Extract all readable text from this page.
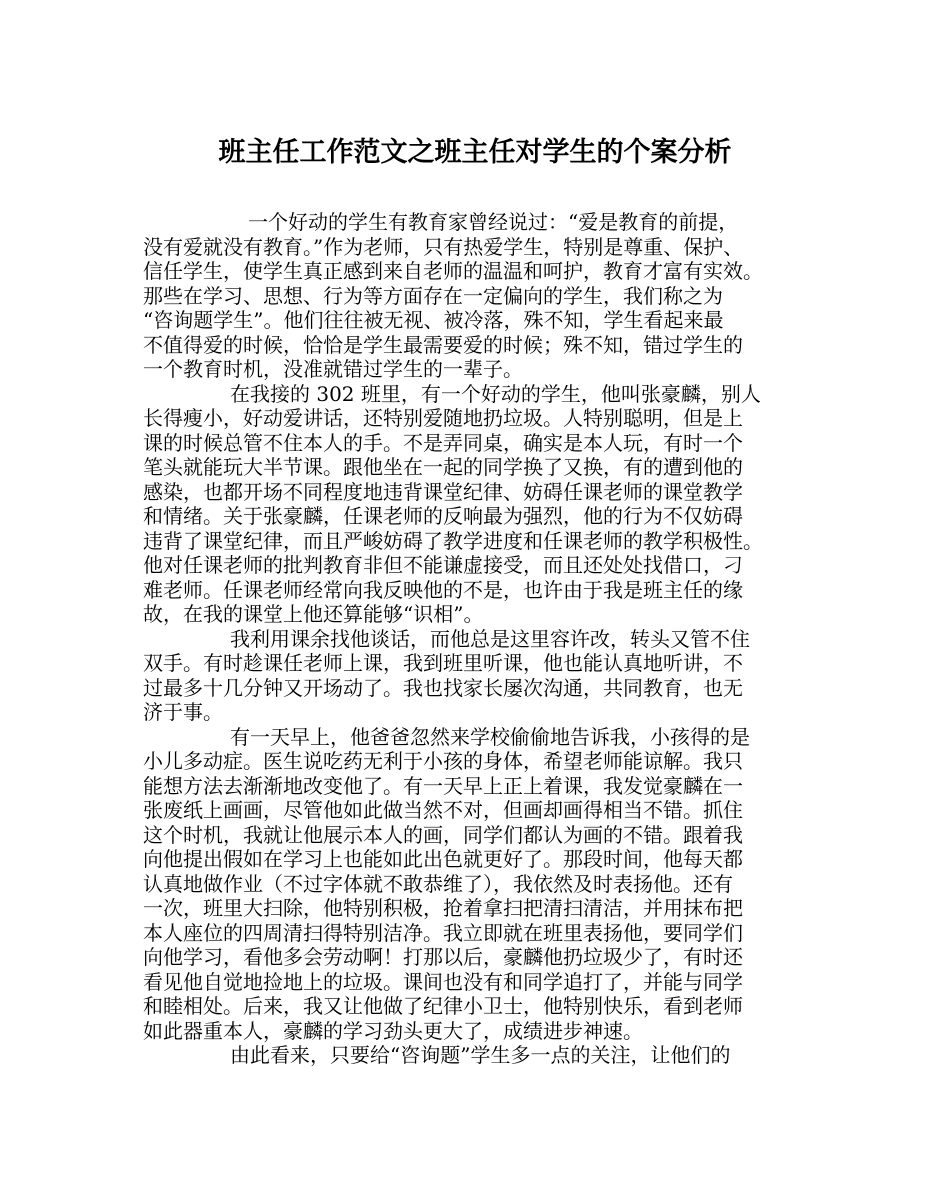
班主任工作范文之班主任对学生的个案分析
一个好动的学生有教育家曾经说过：“爱是教育的前提，
没有爱就没有教育。”作为老师，只有热爱学生，特别是尊重、保护、
信任学生，使学生真正感到来自老师的温温和呵护，教育才富有实效。
那些在学习、思想、行为等方面存在一定偏向的学生，我们称之为
“咨询题学生”。他们往往被无视、被冷落，殊不知，学生看起来最
不值得爱的时候，恰恰是学生最需要爱的时候；殊不知，错过学生的
一个教育时机，没准就错过学生的一辈子。
在我接的 302 班里，有一个好动的学生，他叫张豪麟，别人
长得瘦小，好动爱讲话，还特别爱随地扔垃圾。人特别聪明，但是上
课的时候总管不住本人的手。不是弄同桌，确实是本人玩，有时一个
笔头就能玩大半节课。跟他坐在一起的同学换了又换，有的遭到他的
感染，也都开场不同程度地违背课堂纪律、妨碍任课老师的课堂教学
和情绪。关于张豪麟，任课老师的反响最为强烈，他的行为不仅妨碍
违背了课堂纪律，而且严峻妨碍了教学进度和任课老师的教学积极性。
他对任课老师的批判教育非但不能谦虚接受，而且还处处找借口，刁
难老师。任课老师经常向我反映他的不是，也许由于我是班主任的缘
故，在我的课堂上他还算能够“识相”。
我利用课余找他谈话，而他总是这里容许改，转头又管不住
双手。有时趁课任老师上课，我到班里听课，他也能认真地听讲，不
过最多十几分钟又开场动了。我也找家长屡次沟通，共同教育，也无
济于事。
有一天早上，他爸爸忽然来学校偷偷地告诉我，小孩得的是
小儿多动症。医生说吃药无利于小孩的身体，希望老师能谅解。我只
能想方法去渐渐地改变他了。有一天早上正上着课，我发觉豪麟在一
张废纸上画画，尽管他如此做当然不对，但画却画得相当不错。抓住
这个时机，我就让他展示本人的画，同学们都认为画的不错。跟着我
向他提出假如在学习上也能如此出色就更好了。那段时间，他每天都
认真地做作业（不过字体就不敢恭维了），我依然及时表扬他。还有
一次，班里大扫除，他特别积极，抢着拿扫把清扫清洁，并用抹布把
本人座位的四周清扫得特别洁净。我立即就在班里表扬他，要同学们
向他学习，看他多会劳动啊！打那以后，豪麟他扔垃圾少了，有时还
看见他自觉地捡地上的垃圾。课间也没有和同学追打了，并能与同学
和睦相处。后来，我又让他做了纪律小卫士，他特别快乐，看到老师
如此器重本人，豪麟的学习劲头更大了，成绩进步神速。
由此看来，只要给“咨询题”学生多一点的关注，让他们的
